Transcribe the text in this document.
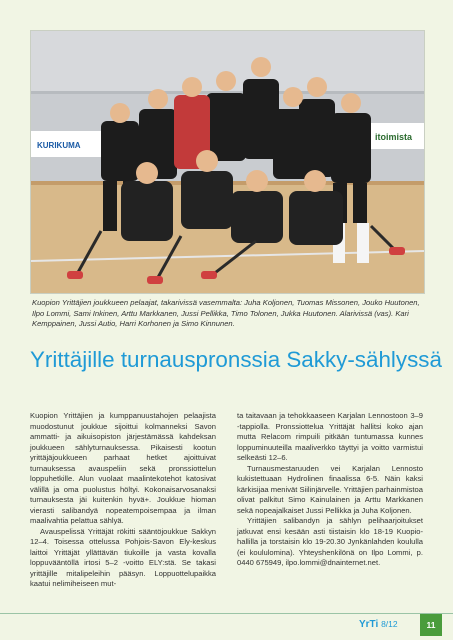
KURIKUMA
itoimista

Kuopion Yrittäjien joukkueen pelaajat, takarivissä vasemmalta: Juha Koljonen, Tuomas Missonen, Jouko Huutonen, Ilpo Lommi, Sami Inkinen, Arttu Markkanen, Jussi Pellikka, Timo Tolonen, Jukka Huutonen. Alarivissä (vas). Kari Kemppainen, Jussi Autio, Harri Korhonen ja Simo Kinnunen.

Yrittäjille turnauspronssia Sakky-sählyssä

Kuopion Yrittäjien ja kumppanuustahojen pelaajista muodostunut joukkue sijoittui kolmanneksi Savon ammatti- ja aikuisopiston järjestämässä kahdeksan joukkueen sählyturnauksessa. Pikaisesti kootun yrittäjäjoukkueen parhaat hetket ajoittuivat turnauksessa avauspeliin sekä pronssiottelun loppuhetkille. Alun vuolaat maalintekotehot katosivat välillä ja oma puolustus höltyi. Kokonaisarvosanaksi turnauksesta jäi kuitenkin hyvä+. Joukkue hioman vierasti salibandyä nopeatempoisempaa ja ilman maalivahtia pelattua sählyä.

Avauspelissä Yrittäjät rökitti sääntöjoukkue Sakkyn 12–4. Toisessa ottelussa Pohjois-Savon Ely-keskus laittoi Yrittäjät yllättävän tiukoille ja vasta kovalla loppuvääntöllä irtosi 5–2 -voitto ELY:stä. Se takasi yrittäjille mitalipeleihin pääsyn. Loppuottelupaikka kaatui nelimiheiseen mut-

ta taitavaan ja tehokkaaseen Karjalan Lennostoon 3–9 -tappiolla. Pronssiottelua Yrittäjät hallitsi koko ajan mutta Relacom rimpuili pitkään tuntumassa kunnes loppuminuuteilla maaliverkko täyttyi ja voitto varmistui selkeästi 12–6.

Turnausmestaruuden vei Karjalan Lennosto kukistettuaan Hydrolinen finaalissa 6-5. Näin kaksi kärkisijaa menivät Siilinjärvelle. Yrittäjien parhainmistoa olivat palkitut Simo Kainulainen ja Arttu Markkanen sekä nopeajalkaiset Jussi Pellikka ja Juha Koljonen.

Yrittäjien salibandyn ja sählyn pelihaarjoitukset jatkuvat ensi kesään asti tiistaisin klo 18-19 Kuopio-hallilla ja torstaisin klo 19-20.30 Jynkänlahden koululla (ei koululomina). Yhteyshenkilönä on Ilpo Lommi, p. 0440 675949, ilpo.lommi@dnainternet.net.

YrTi 8/12	11
